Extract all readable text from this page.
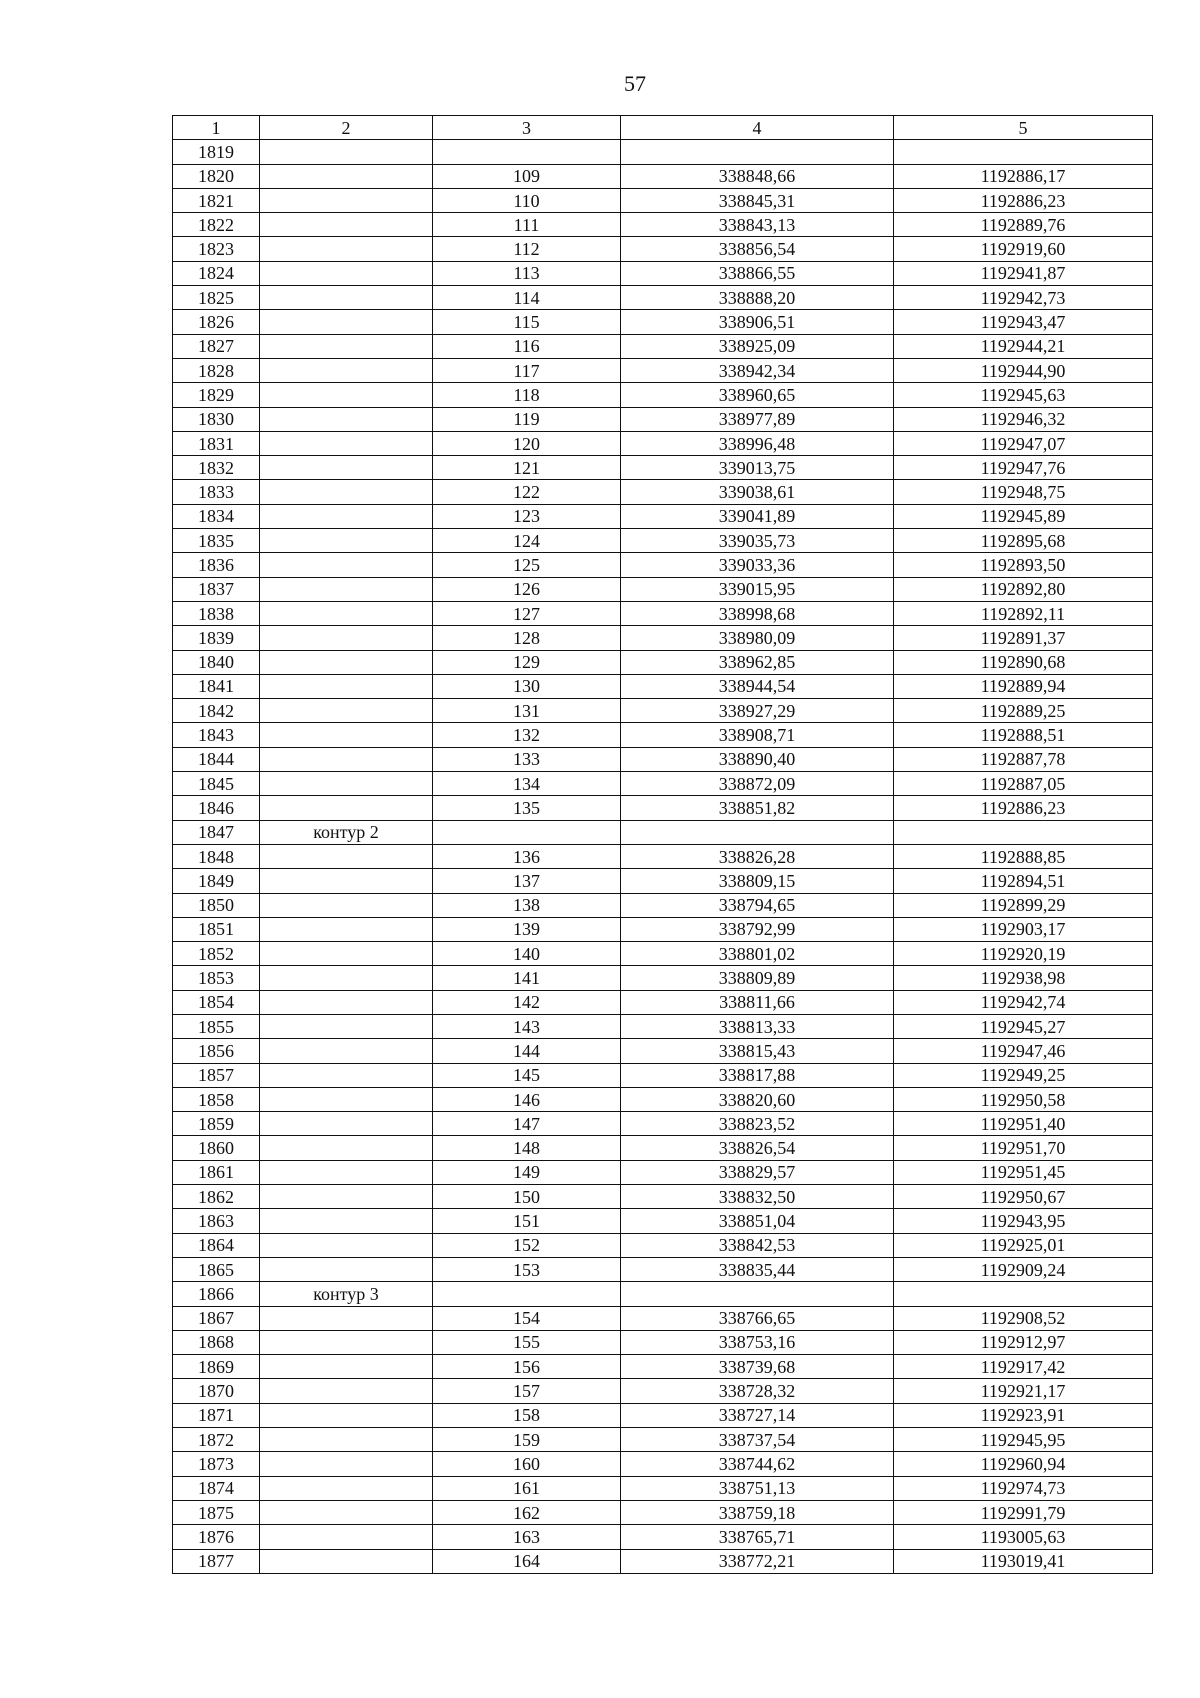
57
1	2	3	4	5
1819				
1820		109	338848,66	1192886,17
1821		110	338845,31	1192886,23
1822		111	338843,13	1192889,76
1823		112	338856,54	1192919,60
1824		113	338866,55	1192941,87
1825		114	338888,20	1192942,73
1826		115	338906,51	1192943,47
1827		116	338925,09	1192944,21
1828		117	338942,34	1192944,90
1829		118	338960,65	1192945,63
1830		119	338977,89	1192946,32
1831		120	338996,48	1192947,07
1832		121	339013,75	1192947,76
1833		122	339038,61	1192948,75
1834		123	339041,89	1192945,89
1835		124	339035,73	1192895,68
1836		125	339033,36	1192893,50
1837		126	339015,95	1192892,80
1838		127	338998,68	1192892,11
1839		128	338980,09	1192891,37
1840		129	338962,85	1192890,68
1841		130	338944,54	1192889,94
1842		131	338927,29	1192889,25
1843		132	338908,71	1192888,51
1844		133	338890,40	1192887,78
1845		134	338872,09	1192887,05
1846		135	338851,82	1192886,23
1847	контур 2			
1848		136	338826,28	1192888,85
1849		137	338809,15	1192894,51
1850		138	338794,65	1192899,29
1851		139	338792,99	1192903,17
1852		140	338801,02	1192920,19
1853		141	338809,89	1192938,98
1854		142	338811,66	1192942,74
1855		143	338813,33	1192945,27
1856		144	338815,43	1192947,46
1857		145	338817,88	1192949,25
1858		146	338820,60	1192950,58
1859		147	338823,52	1192951,40
1860		148	338826,54	1192951,70
1861		149	338829,57	1192951,45
1862		150	338832,50	1192950,67
1863		151	338851,04	1192943,95
1864		152	338842,53	1192925,01
1865		153	338835,44	1192909,24
1866	контур 3			
1867		154	338766,65	1192908,52
1868		155	338753,16	1192912,97
1869		156	338739,68	1192917,42
1870		157	338728,32	1192921,17
1871		158	338727,14	1192923,91
1872		159	338737,54	1192945,95
1873		160	338744,62	1192960,94
1874		161	338751,13	1192974,73
1875		162	338759,18	1192991,79
1876		163	338765,71	1193005,63
1877		164	338772,21	1193019,41
